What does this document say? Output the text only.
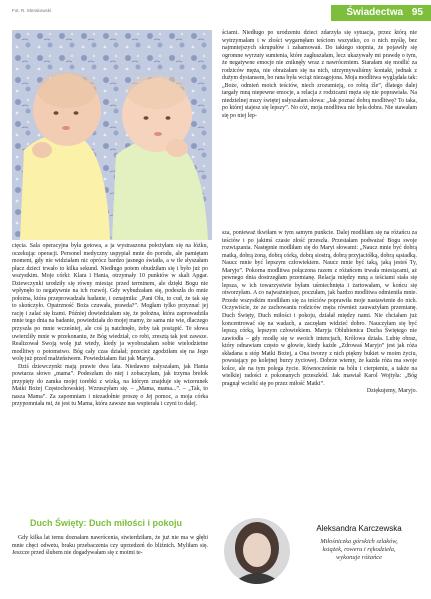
Świadectwa 95
Fot. R. Sterakowski

ściami. Niedługo po urodzeniu dzieci zdarzyła się sytuacja, przez którą nie wytrzymałam i w złości wygarnęłam teściom wszystko, co o nich myślę, bez najmniejszych skrupułów i zahamowań. Do takiego stopnia, że pojawiły się ogromne wyrzuty sumienia, które zagłuszałam, lecz ukazywały mi prawdę o tym, że negatywne emocje nie zniknęły wraz z nawróceniem. Starałam się modlić za rodziców męża, nie obrażałam się na nich, utrzymywaliśmy kontakt, jednak z dużym dystansem, bo rana była wciąż niezagojona. Moja modlitwa wyglądała tak: „Boże, odmień moich teściów, niech zrozumieją, co robią źle”, dlatego dalej targały mną niepewne emocje, a relacja z rodzicami męża się nie poprawiała. Na niedzielnej mszy świętej usłyszałam słowa: „Jak poznać dobrą modlitwę? To taka, po której stajesz się lepszy”. No cóż, moja modlitwa nie była dobra. Nie stawałam się po niej lep-

cięcia. Sala operacyjna była gotowa, a ja wystraszona położyłam się na łóżku, oczekując operacji. Personel medyczny uspypiał mnie do porodu, ale pamiętam moment, gdy nie widziałam nic oprócz bardzo jasnego światła, a w tle słyszałam płacz dzieci trwało to kilka sekund. Niedługo potem obudziłam się i było już po wszystkim. Moje córki: Klara i Hania, otrzymały 10 punktów w skali Apgar. Dziewczynki urodziły się równy miesiąc przed terminem, ale dzięki Bogu nie wpłynęło to negatywnie na ich rozwój. Gdy wybudzałam się, podeszła do mnie położna, która przeprowadzała badanie, i oznajmiła: „Pani Olu, to cud, że tak się to skończyło. Opatrzność Boża czuwała, prawda?”. Mogłam tylko przyznać jej rację i zalać się łzami. Później dowiedziałam się, że położna, która zaprowadziła mnie tego dnia na badanie, powiedziała do mojej mamy, że sama nie wie, dlaczego przyszła po mnie wcześniej, ale coś ją natchnęło, żeby tak postąpić. Te słowa uwierzliły mnie w przekonaniu, że Bóg wiedział, co robi, zresztą tak jest zawsze. Realizował Swoją wolę już wtedy, kiedy ja wyobrażałam sobie wielodzietne modlitwy o potomstwo. Bóg cały czas działał; przecież zgodziłam się na Jego wolę już przed małżeństwem. Powiedziałam fiat jak Maryja.

Dziś dziewczynki mają prawie dwa lata. Niedawno usłyszałam, jak Hania powtarza słowo „mama”. Podeszłam do niej i zobaczyłam, jak trzyma brelok przypięty do zamka mojej torebki z wizką, na którym znajduje się wizerunek Matki Bożej Częstochowskiej. Wzruszyłam się. – „Mama, mama...”. – „Tak, to nasza Mama”. Za zapomniam i niezadołnie proszę o Jej pomoc, a moja córka przypomniała mi, że jest tu Mama, która zawsze nas wspierała i czyni to dalej.

sza, ponieważ tkwiłam w tym samym punkcie. Dalej modliłam się na różańcu za teściów i po jakimś czasie złość przeszła. Przestałam podważać Bogu swoje rozwiązania. Następnie modliłam się do Maryi słowami: „Naucz mnie być dobrą matką, dobrą żoną, dobrą córką, dobrą siostrą, dobrą przyjaciółką, dobrą sąsiadką. Naucz mnie być lepszym człowiekiem. Naucz mnie być taką, jaką jesteś Ty, Maryjo”. Pokorna modlitwa połączona razem z różańcem trwała miesiącami, aż pewnego dnia dostrzegłam przemianę. Relacja między mną a teściami stała się lepsza, w ich towarzystwie byłam uśmiechnięta i żartowałam, w końcu się otworzyłam. A co najważniejsze, poczułam, jak bardzo modlitwa odmieniła mnie. Przede wszystkim modliłam się za teściów poprawiła moje nastawienie do nich. Oczywiście, że ze zachowaniu rodziców męża również zauważyłam przemianę. Duch Święty, Duch miłości i pokoju, działał między nami. Nie chciałam już koncentrować się na wadach, a zaczęłam widzieć dobro. Nauczyłam się być lepszą córką, lepszym człowiekiem. Maryja Oblubienica Ducha Świętego nie zawiodła – gdy modlę się w swoich intencjach, Królowa działa. Lubię obraz, który odnawiam często w głowie, kiedy każde „Zdrowaś Maryjo” jest jak róża składana u stóp Matki Bożej, a Ona tworzy z nich piękny bukiet w moim życiu, powstający po kolejnej burzy życiowej. Dobrze wiemy, że każda róża ma swoje kolce, ale na tym polega życie. Równocześnie na bólu i cierpieniu, a także na wielkiej radości z pokonanych przeszkód. Jak mawiał Karol Wojtyła: „Bóg pragnął wcielić się po przez miłość Matki”.

Dziękujemy, Maryjo.

Duch Święty: Duch miłości i pokoju

Gdy kilka lat temu doznałam nawrócenia, stwierdziłam, że już nie ma w głębi mnie chęci odwetu, braku przebaczenia czy uprzedzeń do bliźnich. Myliłam się. Jeszcze przed ślubem nie dogadywałam się z moimi te-

Aleksandra Karczewska
Miłośniczka górskich szlaków,
książek, roweru i rękodzieła,
wykonuje różańce
